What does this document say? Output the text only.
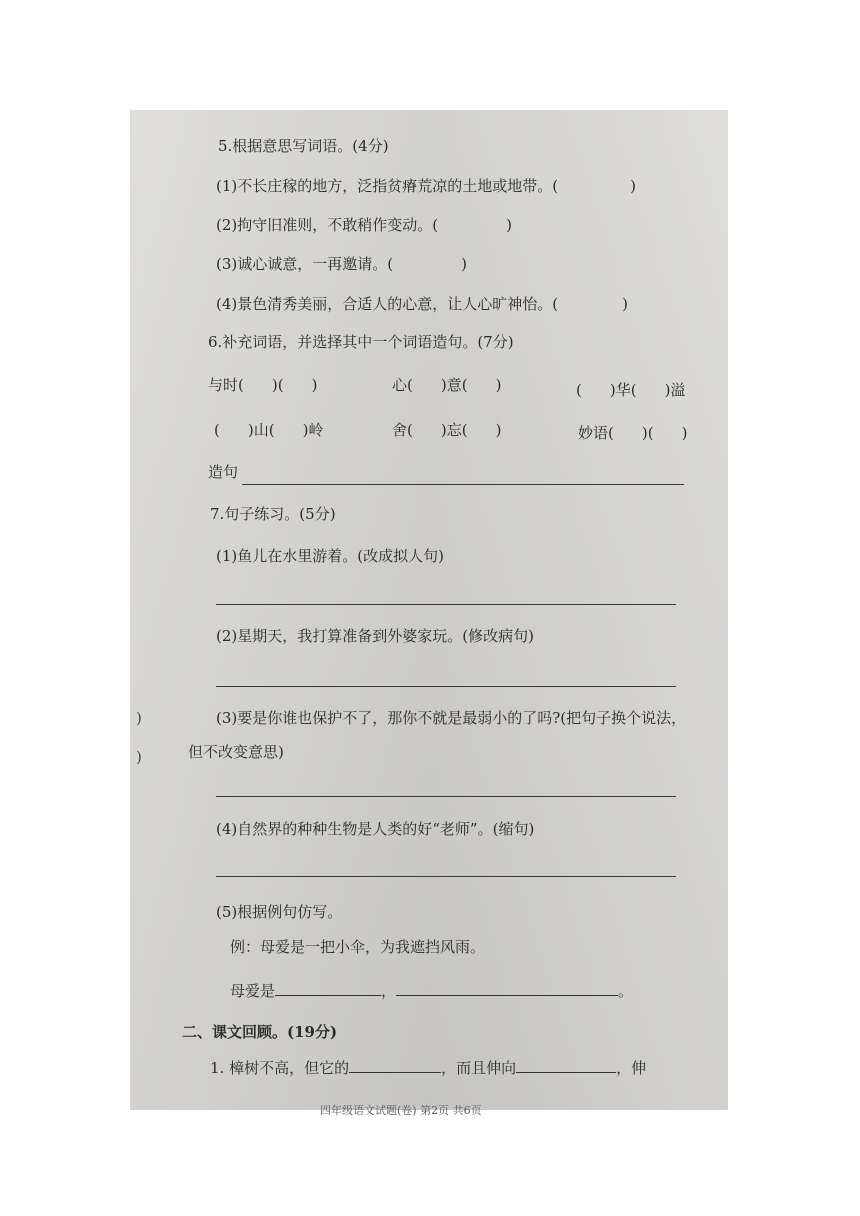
5.根据意思写词语。(4分)
(1)不长庄稼的地方，泛指贫瘠荒凉的土地或地带。(	)
(2)拘守旧准则，不敢稍作变动。(	)
(3)诚心诚意，一再邀请。(	)
(4)景色清秀美丽，合适人的心意，让人心旷神怡。(	)
6.补充词语，并选择其中一个词语造句。(7分)
与时( )( )	心( )意( )	( )华( )溢
( )山( )岭	舍( )忘( )	妙语( )( )
造句
7.句子练习。(5分)
(1)鱼儿在水里游着。(改成拟人句)
(2)星期天，我打算准备到外婆家玩。(修改病句)
(3)要是你谁也保护不了，那你不就是最弱小的了吗?(把句子换个说法，
但不改变意思)
(4)自然界的种种生物是人类的好“老师”。(缩句)
(5)根据例句仿写。
例：母爱是一把小伞，为我遮挡风雨。
母爱是	，	。
二、课文回顾。(19分)
1. 樟树不高，但它的	，而且伸向	，伸
四年级语文试题(卷) 第2页 共6页
)
)
